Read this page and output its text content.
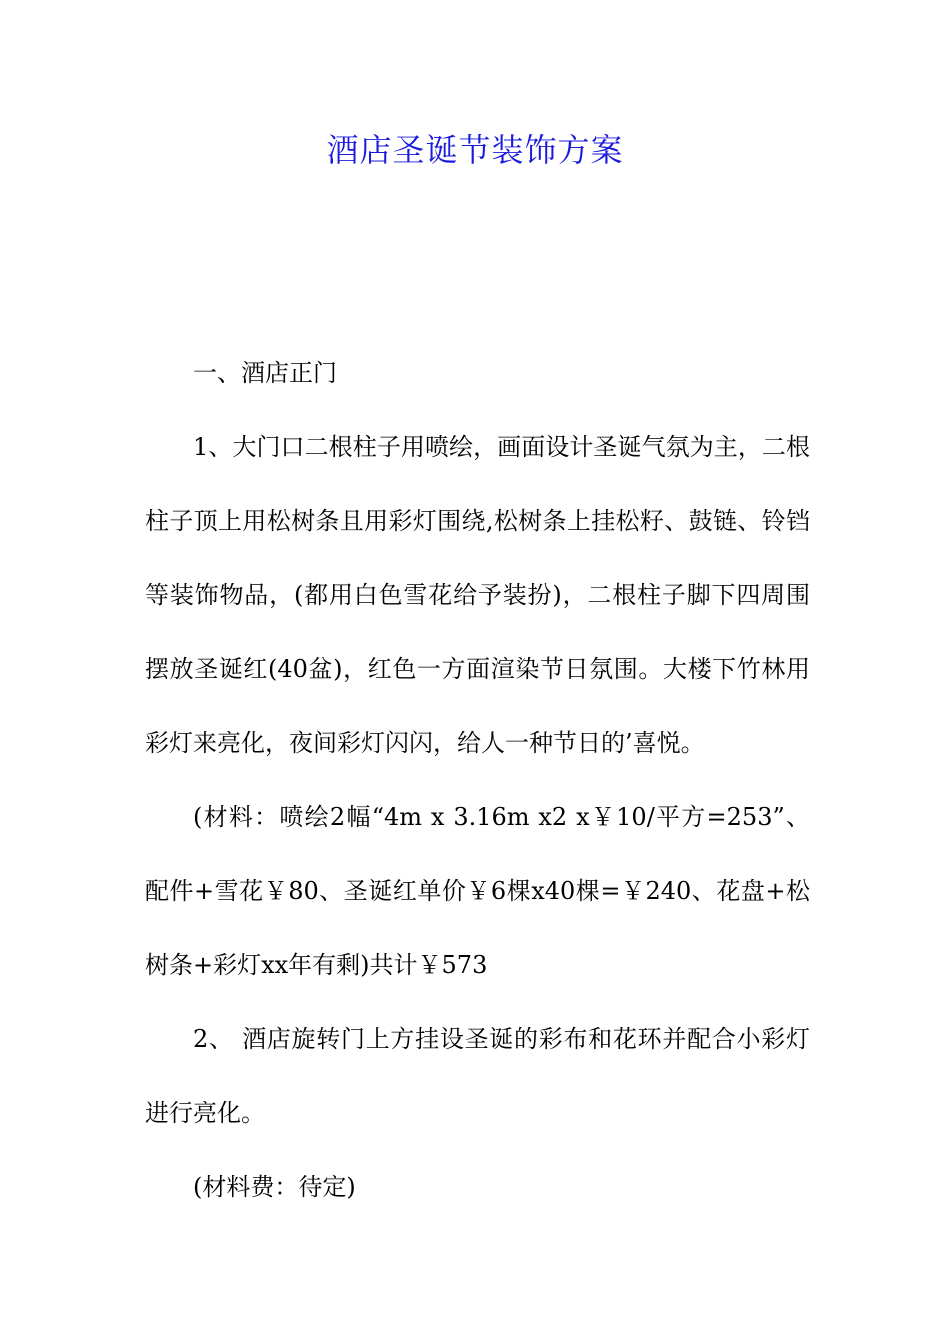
酒店圣诞节装饰方案

一、酒店正门

1、大门口二根柱子用喷绘，画面设计圣诞气氛为主，二根柱子顶上用松树条且用彩灯围绕,松树条上挂松籽、鼓链、铃铛等装饰物品，(都用白色雪花给予装扮)，二根柱子脚下四周围摆放圣诞红(40盆)，红色一方面渲染节日氛围。大楼下竹林用彩灯来亮化，夜间彩灯闪闪，给人一种节日的’喜悦。

(材料：喷绘2幅“4m x 3.16m x2 x￥10/平方=253”、配件+雪花￥80、圣诞红单价￥6棵x40棵=￥240、花盘+松树条+彩灯xx年有剩)共计￥573

2、 酒店旋转门上方挂设圣诞的彩布和花环并配合小彩灯进行亮化。

(材料费：待定)
